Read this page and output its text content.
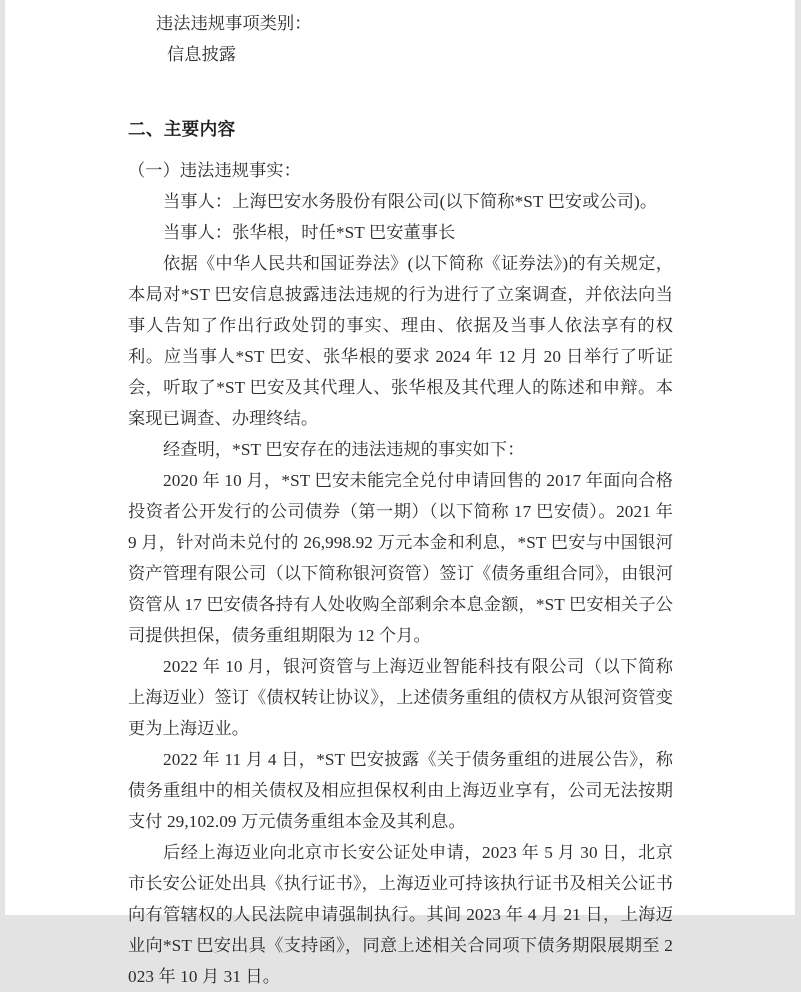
违法违规事项类别：

信息披露

二、主要内容

（一）违法违规事实：

当事人：上海巴安水务股份有限公司(以下简称*ST 巴安或公司)。

当事人：张华根，时任*ST 巴安董事长

依据《中华人民共和国证券法》(以下简称《证券法》)的有关规定，本局对*ST 巴安信息披露违法违规的行为进行了立案调查，并依法向当事人告知了作出行政处罚的事实、理由、依据及当事人依法享有的权利。应当事人*ST 巴安、张华根的要求 2024 年 12 月 20 日举行了听证会，听取了*ST 巴安及其代理人、张华根及其代理人的陈述和申辩。本案现已调查、办理终结。

经查明，*ST 巴安存在的违法违规的事实如下：

2020 年 10 月，*ST 巴安未能完全兑付申请回售的 2017 年面向合格投资者公开发行的公司债券（第一期）（以下简称 17 巴安债）。2021 年 9 月，针对尚未兑付的 26,998.92 万元本金和利息，*ST 巴安与中国银河资产管理有限公司（以下简称银河资管）签订《债务重组合同》，由银河资管从 17 巴安债各持有人处收购全部剩余本息金额，*ST 巴安相关子公司提供担保，债务重组期限为 12 个月。

2022 年 10 月，银河资管与上海迈业智能科技有限公司（以下简称上海迈业）签订《债权转让协议》，上述债务重组的债权方从银河资管变更为上海迈业。

2022 年 11 月 4 日，*ST 巴安披露《关于债务重组的进展公告》，称债务重组中的相关债权及相应担保权利由上海迈业享有，公司无法按期支付 29,102.09 万元债务重组本金及其利息。

后经上海迈业向北京市长安公证处申请，2023 年 5 月 30 日，北京市长安公证处出具《执行证书》，上海迈业可持该执行证书及相关公证书向有管辖权的人民法院申请强制执行。其间 2023 年 4 月 21 日，上海迈业向*ST 巴安出具《支持函》，同意上述相关合同项下债务期限展期至 2023 年 10 月 31 日。
